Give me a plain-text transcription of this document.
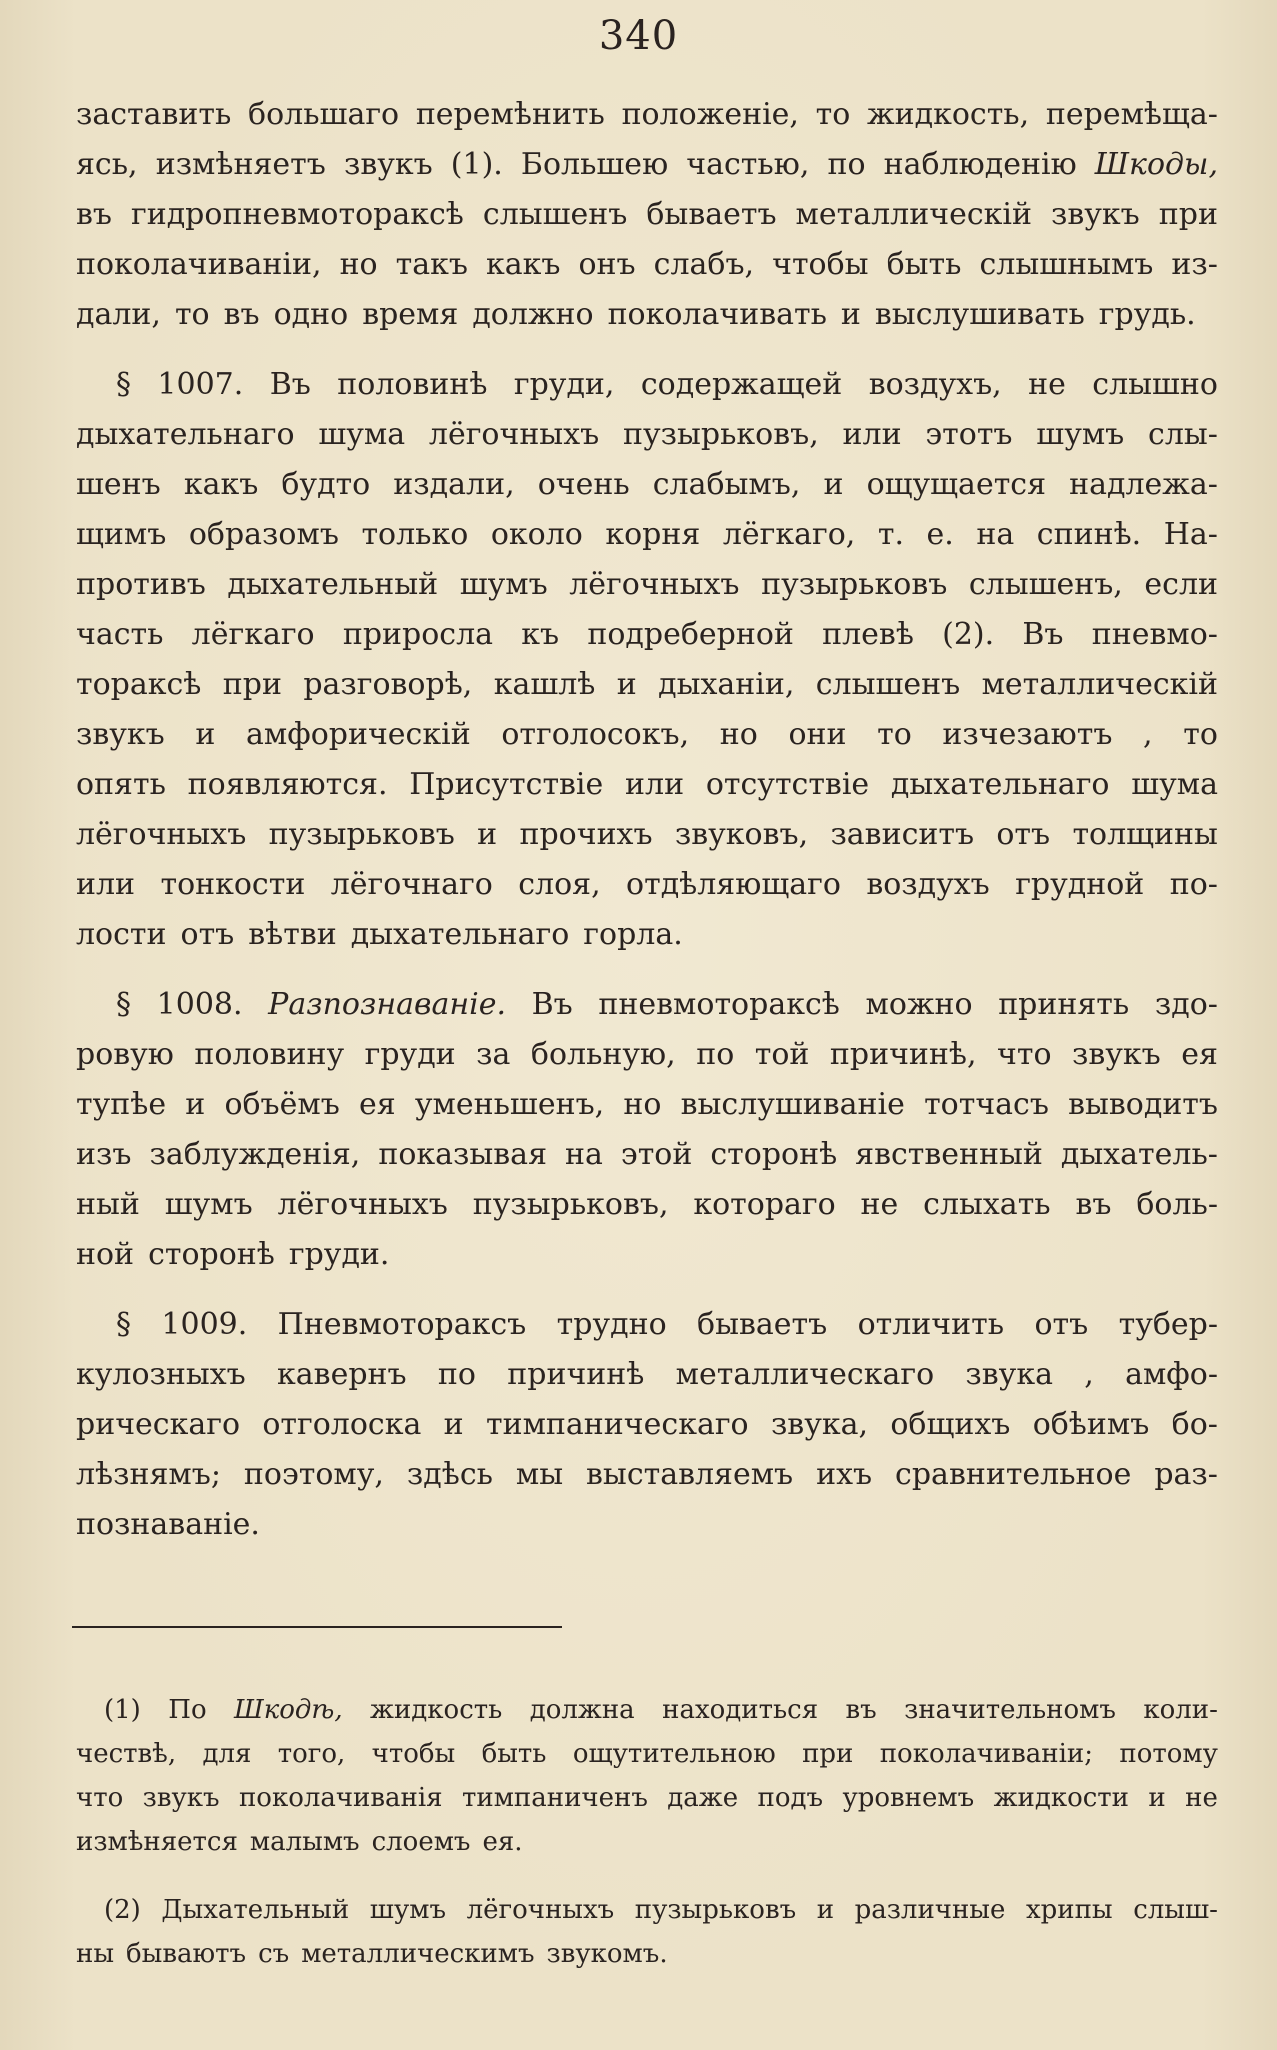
340
заставить большаго перемѣнить положеніе, то жидкость, перемѣща-
ясь, измѣняетъ звукъ (1). Большею частью, по наблюденію Шкоды,
въ гидропневмотораксѣ слышенъ бываетъ металлическій звукъ при
поколачиваніи, но такъ какъ онъ слабъ, чтобы быть слышнымъ из-
дали, то въ одно время должно поколачивать и выслушивать грудь.
§ 1007. Въ половинѣ груди, содержащей воздухъ, не слышно
дыхательнаго шума лёгочныхъ пузырьковъ, или этотъ шумъ слы-
шенъ какъ будто издали, очень слабымъ, и ощущается надлежа-
щимъ образомъ только около корня лёгкаго, т. е. на спинѣ. На-
противъ дыхательный шумъ лёгочныхъ пузырьковъ слышенъ, если
часть лёгкаго приросла къ подреберной плевѣ (2). Въ пневмо-
тораксѣ при разговорѣ, кашлѣ и дыханіи, слышенъ металлическій
звукъ и амфорическій отголосокъ, но они то изчезаютъ , то
опять появляются. Присутствіе или отсутствіе дыхательнаго шума
лёгочныхъ пузырьковъ и прочихъ звуковъ, зависитъ отъ толщины
или тонкости лёгочнаго слоя, отдѣляющаго воздухъ грудной по-
лости отъ вѣтви дыхательнаго горла.
§ 1008. Разпознаваніе. Въ пневмотораксѣ можно принять здо-
ровую половину груди за больную, по той причинѣ, что звукъ ея
тупѣе и объёмъ ея уменьшенъ, но выслушиваніе тотчасъ выводитъ
изъ заблужденія, показывая на этой сторонѣ явственный дыхатель-
ный шумъ лёгочныхъ пузырьковъ, котораго не слыхать въ боль-
ной сторонѣ груди.
§ 1009. Пневмотораксъ трудно бываетъ отличить отъ тубер-
кулозныхъ кавернъ по причинѣ металлическаго звука , амфо-
рическаго отголоска и тимпаническаго звука, общихъ обѣимъ бо-
лѣзнямъ; поэтому, здѣсь мы выставляемъ ихъ сравнительное раз-
познаваніе.
(1) По Шкодѣ, жидкость должна находиться въ значительномъ коли-
чествѣ, для того, чтобы быть ощутительною при поколачиваніи; потому
что звукъ поколачиванія тимпаниченъ даже подъ уровнемъ жидкости и не
измѣняется малымъ слоемъ ея.
(2) Дыхательный шумъ лёгочныхъ пузырьковъ и различные хрипы слыш-
ны бываютъ съ металлическимъ звукомъ.
